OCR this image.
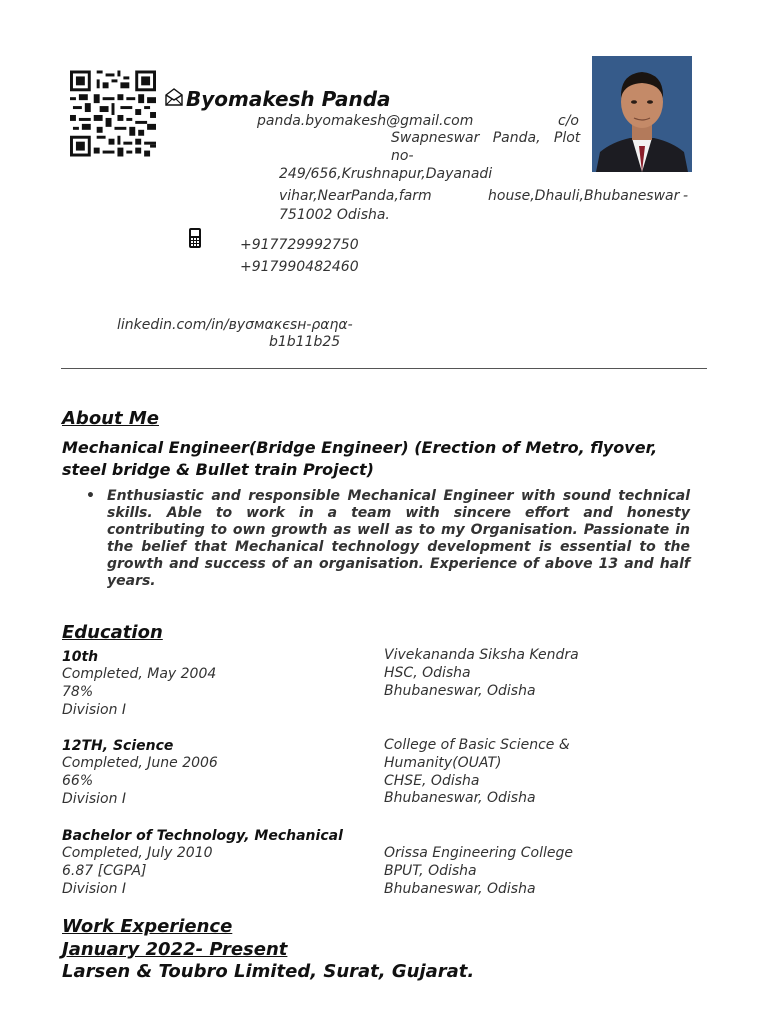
Byomakesh Panda
panda.byomakesh@gmail.com	c/o
Swapneswar   Panda,   Plot
no-
249/656,Krushnapur,Dayanadi
vihar,NearPanda,farm	house,Dhauli,Bhubaneswar -
751002 Odisha.
+917729992750
+917990482460
linkedin.com/in/вуσмαкєѕн-ραηα-
b1b11b25
About Me
Mechanical Engineer(Bridge Engineer) (Erection of Metro, flyover, steel bridge & Bullet train Project)
• Enthusiastic and responsible Mechanical Engineer with sound technical skills. Able to work in a team with sincere effort and honesty contributing to own growth as well as to my Organisation. Passionate in the belief that Mechanical technology development is essential to the growth and success of an organisation. Experience of above 13 and half years.
Education
10th
Completed, May 2004
78%
Division I
Vivekananda Siksha Kendra
HSC, Odisha
Bhubaneswar, Odisha
12TH, Science
Completed, June 2006
66%
Division I
College of Basic Science &
Humanity(OUAT)
CHSE, Odisha
Bhubaneswar, Odisha
Bachelor of Technology, Mechanical
Completed, July 2010
6.87 [CGPA]
Division I
Orissa Engineering College
BPUT, Odisha
Bhubaneswar, Odisha
Work Experience
January 2022- Present
Larsen & Toubro Limited, Surat, Gujarat.
